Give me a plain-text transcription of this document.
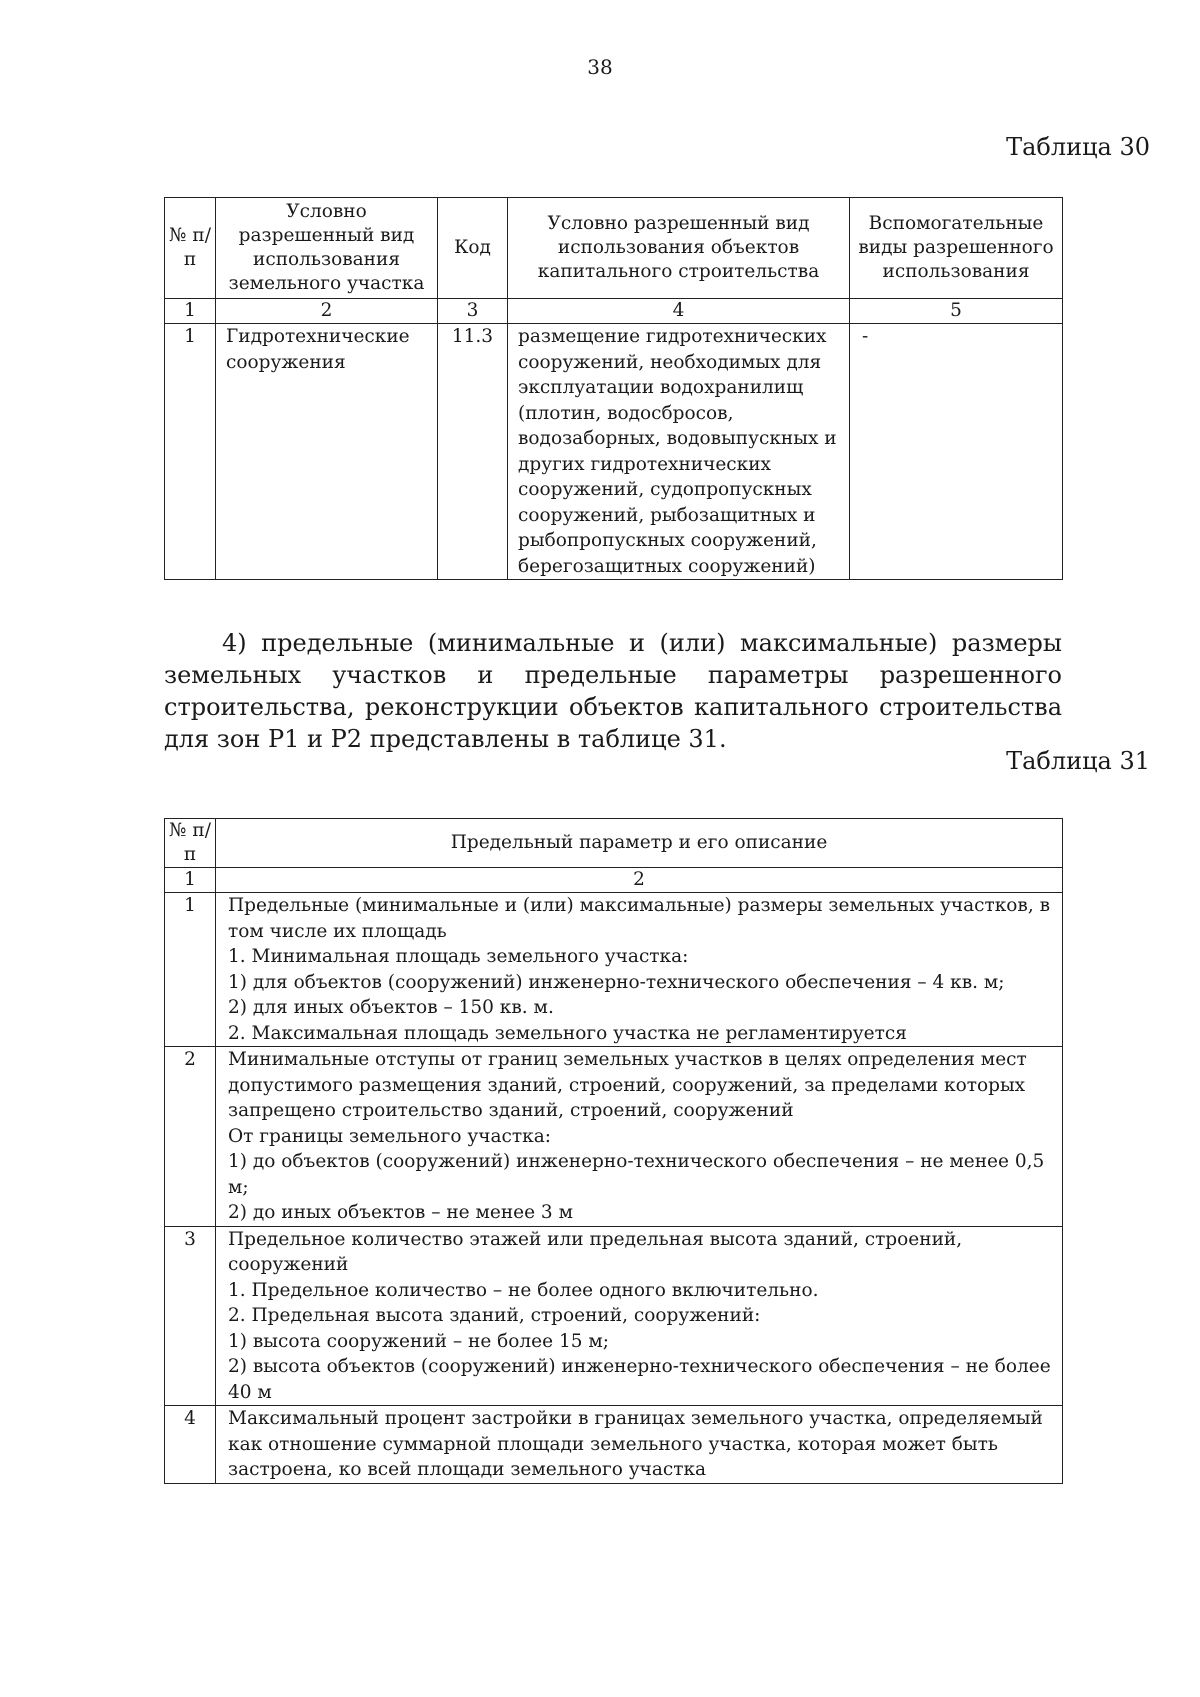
38
Таблица 30
№ п/п	Условно разрешенный вид использования земельного участка	Код	Условно разрешенный вид использования объектов капитального строительства	Вспомогательные виды разрешенного использования
1	2	3	4	5
1	Гидротехнические сооружения	11.3	размещение гидротехнических сооружений, необходимых для эксплуатации водохранилищ (плотин, водосбросов, водозаборных, водовыпускных и других гидротехнических сооружений, судопропускных сооружений, рыбозащитных и рыбопропускных сооружений, берегозащитных сооружений)	-
4) предельные (минимальные и (или) максимальные) размеры земельных участков и предельные параметры разрешенного строительства, реконструкции объектов капитального строительства для зон Р1 и Р2 представлены в таблице 31.
Таблица 31
№ п/п	Предельный параметр и его описание
1	2
1	Предельные (минимальные и (или) максимальные) размеры земельных участков, в том числе их площадь
1. Минимальная площадь земельного участка:
1) для объектов (сооружений) инженерно-технического обеспечения – 4 кв. м;
2) для иных объектов – 150 кв. м.
2. Максимальная площадь земельного участка не регламентируется

2	Минимальные отступы от границ земельных участков в целях определения мест допустимого размещения зданий, строений, сооружений, за пределами которых запрещено строительство зданий, строений, сооружений
От границы земельного участка:
1) до объектов (сооружений) инженерно-технического обеспечения – не менее 0,5 м;
2) до иных объектов – не менее 3 м

3	Предельное количество этажей или предельная высота зданий, строений, сооружений
1. Предельное количество – не более одного включительно.
2. Предельная высота зданий, строений, сооружений:
1) высота сооружений – не более 15 м;
2) высота объектов (сооружений) инженерно-технического обеспечения – не более 40 м

4	Максимальный процент застройки в границах земельного участка, определяемый как отношение суммарной площади земельного участка, которая может быть застроена, ко всей площади земельного участка
